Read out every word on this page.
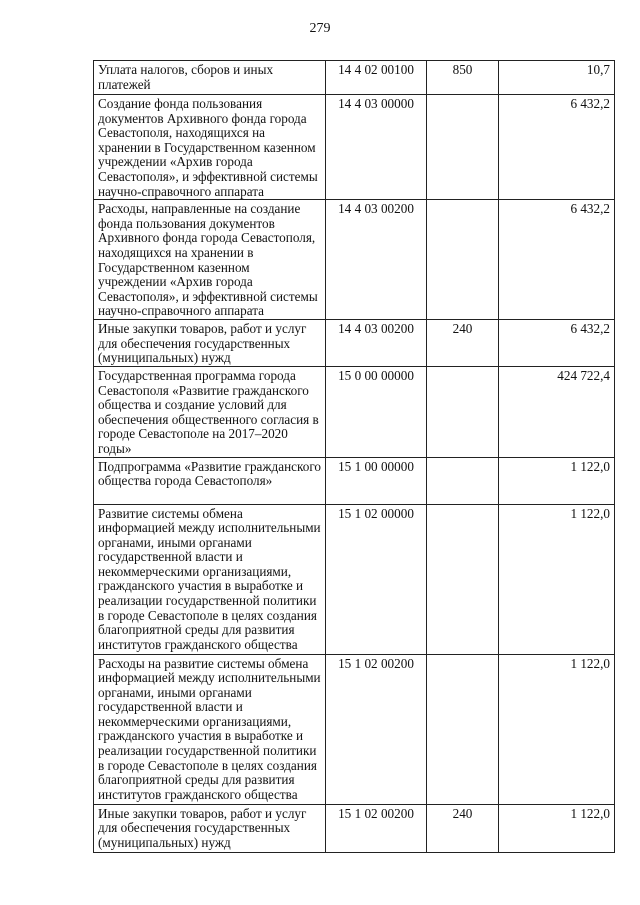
279
Уплата налогов, сборов и иных платежей	14 4 02 00100	850	10,7
Создание фонда пользования документов Архивного фонда города Севастополя, находящихся на хранении в Государственном казенном учреждении «Архив города Севастополя», и эффективной системы научно-справочного аппарата	14 4 03 00000		6 432,2
Расходы, направленные на создание фонда пользования документов Архивного фонда города Севастополя, находящихся на хранении в Государственном казенном учреждении «Архив города Севастополя», и эффективной системы научно-справочного аппарата	14 4 03 00200		6 432,2
Иные закупки товаров, работ и услуг для обеспечения государственных (муниципальных) нужд	14 4 03 00200	240	6 432,2
Государственная программа города Севастополя «Развитие гражданского общества и создание условий для обеспечения общественного согласия в городе Севастополе на 2017–2020 годы»	15 0 00 00000		424 722,4
Подпрограмма «Развитие гражданского общества города Севастополя»	15 1 00 00000		1 122,0
Развитие системы обмена информацией между исполнительными органами, иными органами государственной власти и некоммерческими организациями, гражданского участия в выработке и реализации государственной политики в городе Севастополе в целях создания благоприятной среды для развития институтов гражданского общества	15 1 02 00000		1 122,0
Расходы на развитие системы обмена информацией между исполнительными органами, иными органами государственной власти и некоммерческими организациями, гражданского участия в выработке и реализации государственной политики в городе Севастополе в целях создания благоприятной среды для развития институтов гражданского общества	15 1 02 00200		1 122,0
Иные закупки товаров, работ и услуг для обеспечения государственных (муниципальных) нужд	15 1 02 00200	240	1 122,0
